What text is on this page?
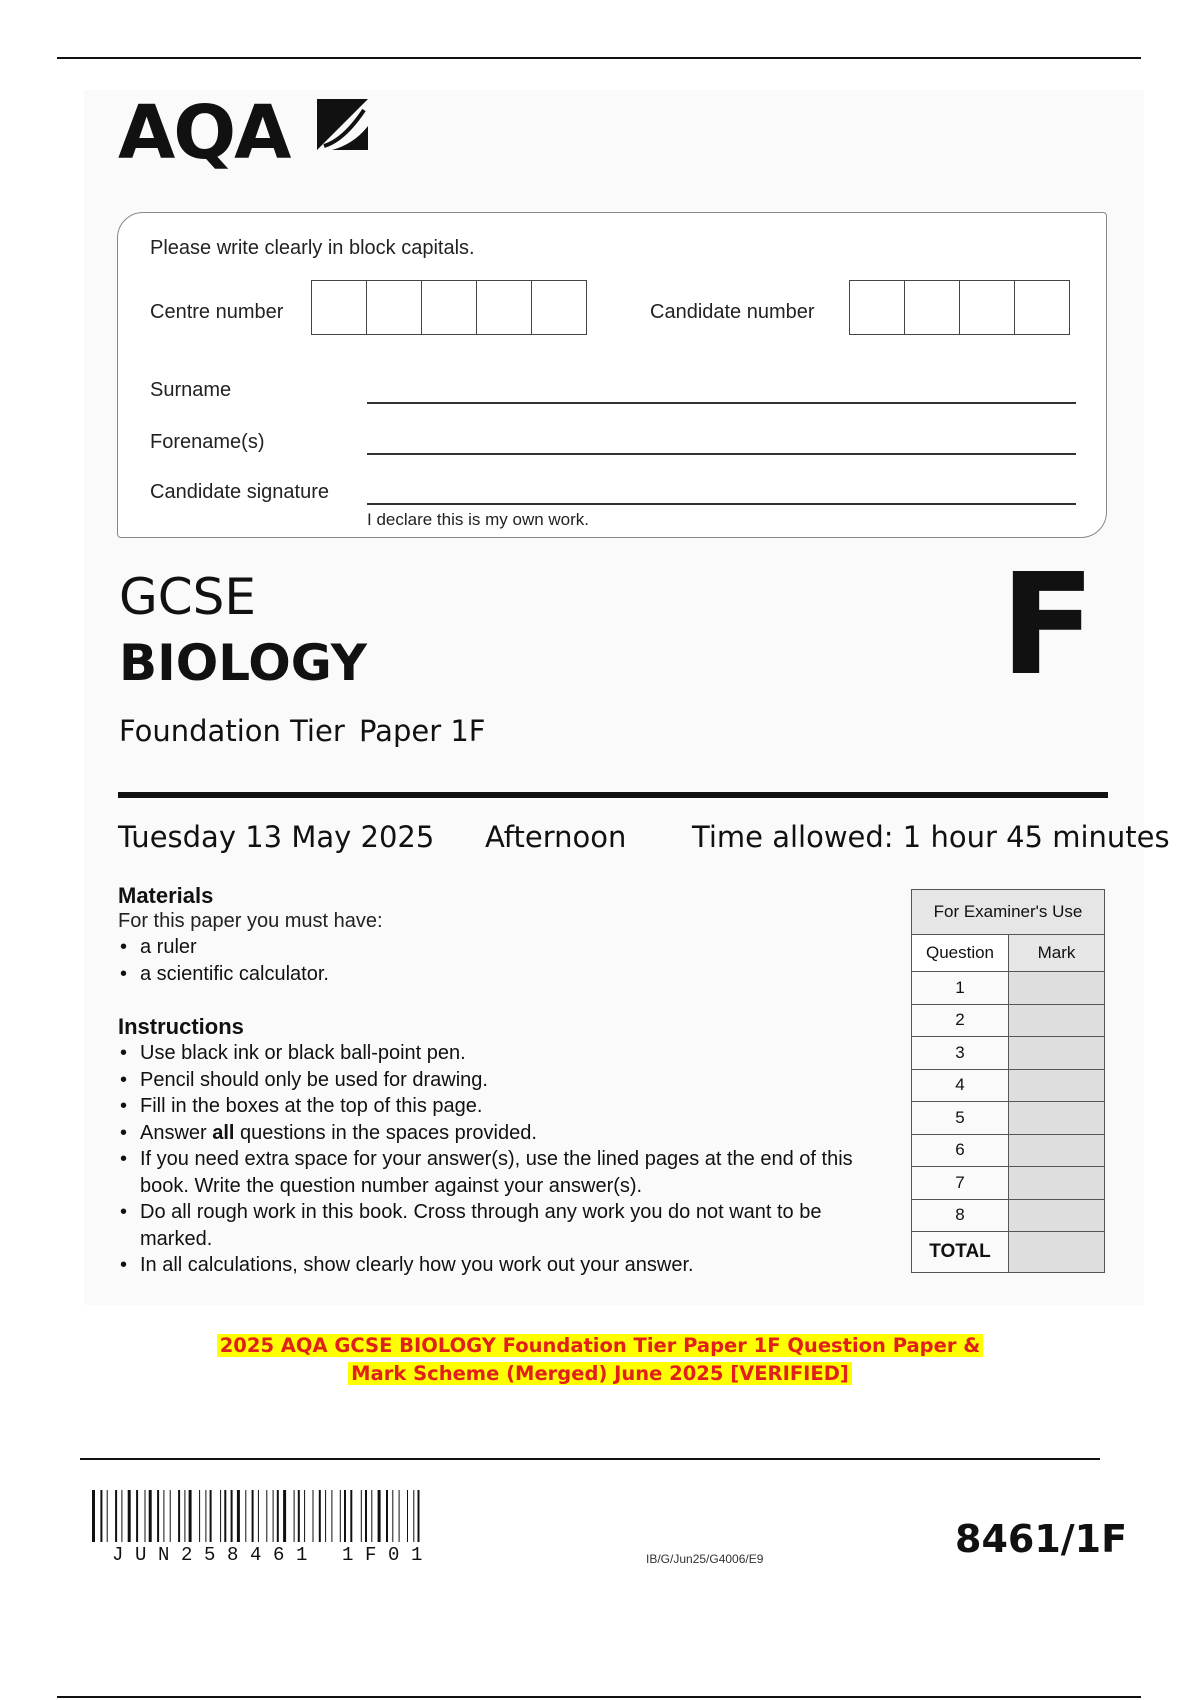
AQA
Please write clearly in block capitals.
Centre number	Candidate number
Surname
Forename(s)
Candidate signature
I declare this is my own work.
GCSE
BIOLOGY
Foundation Tier Paper 1F
F
Tuesday 13 May 2025 Afternoon Time allowed: 1 hour 45 minutes
Materials
For this paper you must have:
• a ruler
• a scientific calculator.
Instructions
• Use black ink or black ball-point pen.
• Pencil should only be used for drawing.
• Fill in the boxes at the top of this page.
• Answer all questions in the spaces provided.
• If you need extra space for your answer(s), use the lined pages at the end of this book. Write the question number against your answer(s).
• Do all rough work in this book. Cross through any work you do not want to be marked.
• In all calculations, show clearly how you work out your answer.
For Examiner's Use	
Question	Mark
1	
2	
3	
4	
5	
6	
7	
8	
TOTAL	
2025 AQA GCSE BIOLOGY Foundation Tier Paper 1F Question Paper &
Mark Scheme (Merged) June 2025 [VERIFIED]
JUN258461 1F01	IB/G/Jun25/G4006/E9	8461/1F
